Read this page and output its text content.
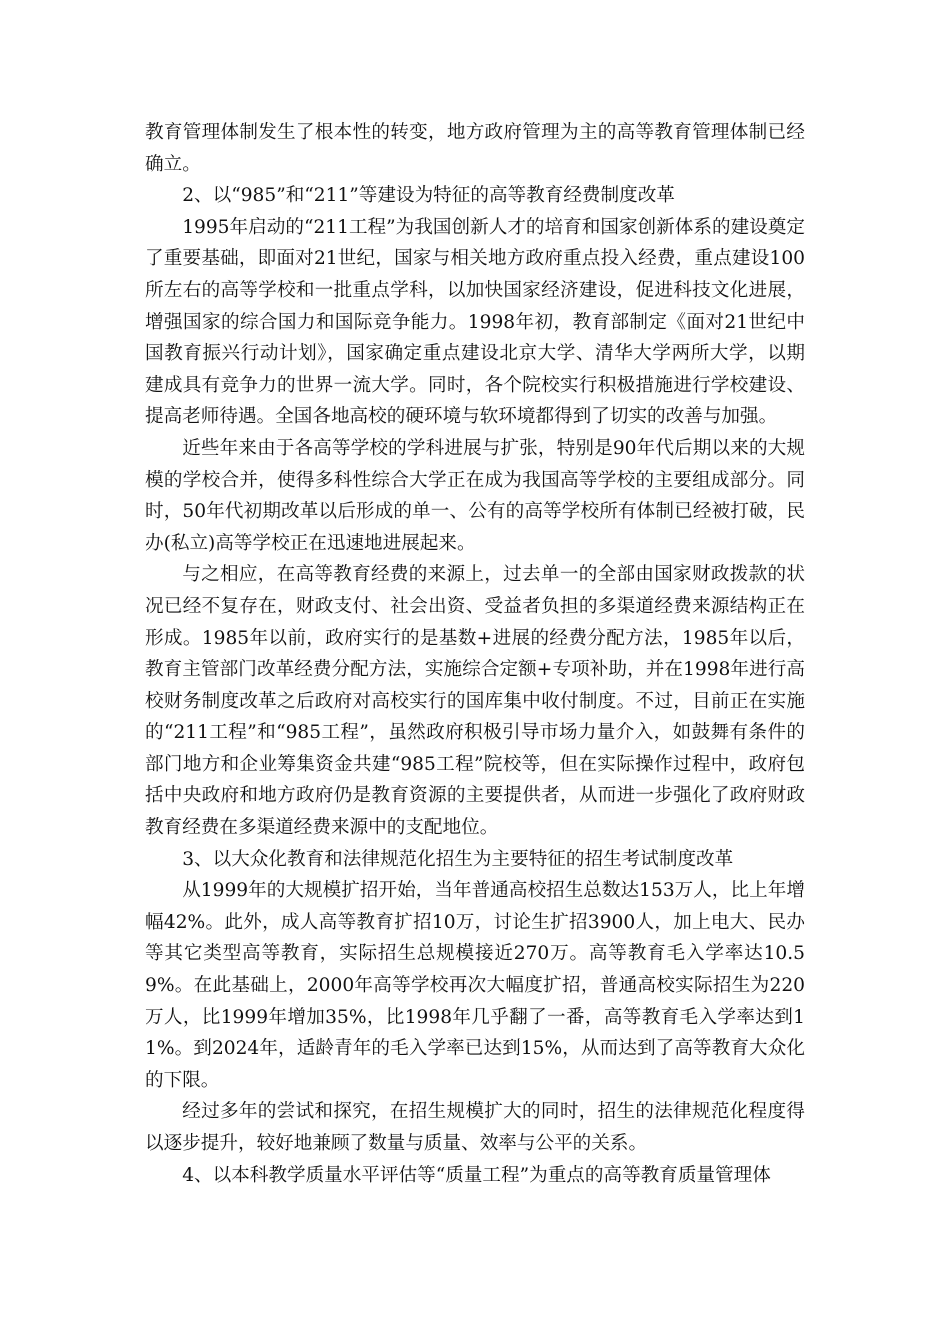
教育管理体制发生了根本性的转变，地方政府管理为主的高等教育管理体制已经确立。

2、以“985”和“211”等建设为特征的高等教育经费制度改革

1995年启动的“211工程”为我国创新人才的培育和国家创新体系的建设奠定了重要基础，即面对21世纪，国家与相关地方政府重点投入经费，重点建设100所左右的高等学校和一批重点学科，以加快国家经济建设，促进科技文化进展，增强国家的综合国力和国际竞争能力。1998年初，教育部制定《面对21世纪中国教育振兴行动计划》，国家确定重点建设北京大学、清华大学两所大学，以期建成具有竞争力的世界一流大学。同时，各个院校实行积极措施进行学校建设、提高老师待遇。全国各地高校的硬环境与软环境都得到了切实的改善与加强。

近些年来由于各高等学校的学科进展与扩张，特别是90年代后期以来的大规模的学校合并，使得多科性综合大学正在成为我国高等学校的主要组成部分。同时，50年代初期改革以后形成的单一、公有的高等学校所有体制已经被打破，民办(私立)高等学校正在迅速地进展起来。

与之相应，在高等教育经费的来源上，过去单一的全部由国家财政拨款的状况已经不复存在，财政支付、社会出资、受益者负担的多渠道经费来源结构正在形成。1985年以前，政府实行的是基数+进展的经费分配方法，1985年以后，教育主管部门改革经费分配方法，实施综合定额+专项补助，并在1998年进行高校财务制度改革之后政府对高校实行的国库集中收付制度。不过，目前正在实施的“211工程”和“985工程”，虽然政府积极引导市场力量介入，如鼓舞有条件的部门地方和企业筹集资金共建“985工程”院校等，但在实际操作过程中，政府包括中央政府和地方政府仍是教育资源的主要提供者，从而进一步强化了政府财政教育经费在多渠道经费来源中的支配地位。

3、以大众化教育和法律规范化招生为主要特征的招生考试制度改革

从1999年的大规模扩招开始，当年普通高校招生总数达153万人，比上年增幅42%。此外，成人高等教育扩招10万，讨论生扩招3900人，加上电大、民办等其它类型高等教育，实际招生总规模接近270万。高等教育毛入学率达10.59%。在此基础上，2000年高等学校再次大幅度扩招，普通高校实际招生为220万人，比1999年增加35%，比1998年几乎翻了一番，高等教育毛入学率达到11%。到2024年，适龄青年的毛入学率已达到15%，从而达到了高等教育大众化的下限。

经过多年的尝试和探究，在招生规模扩大的同时，招生的法律规范化程度得以逐步提升，较好地兼顾了数量与质量、效率与公平的关系。

4、以本科教学质量水平评估等“质量工程”为重点的高等教育质量管理体
